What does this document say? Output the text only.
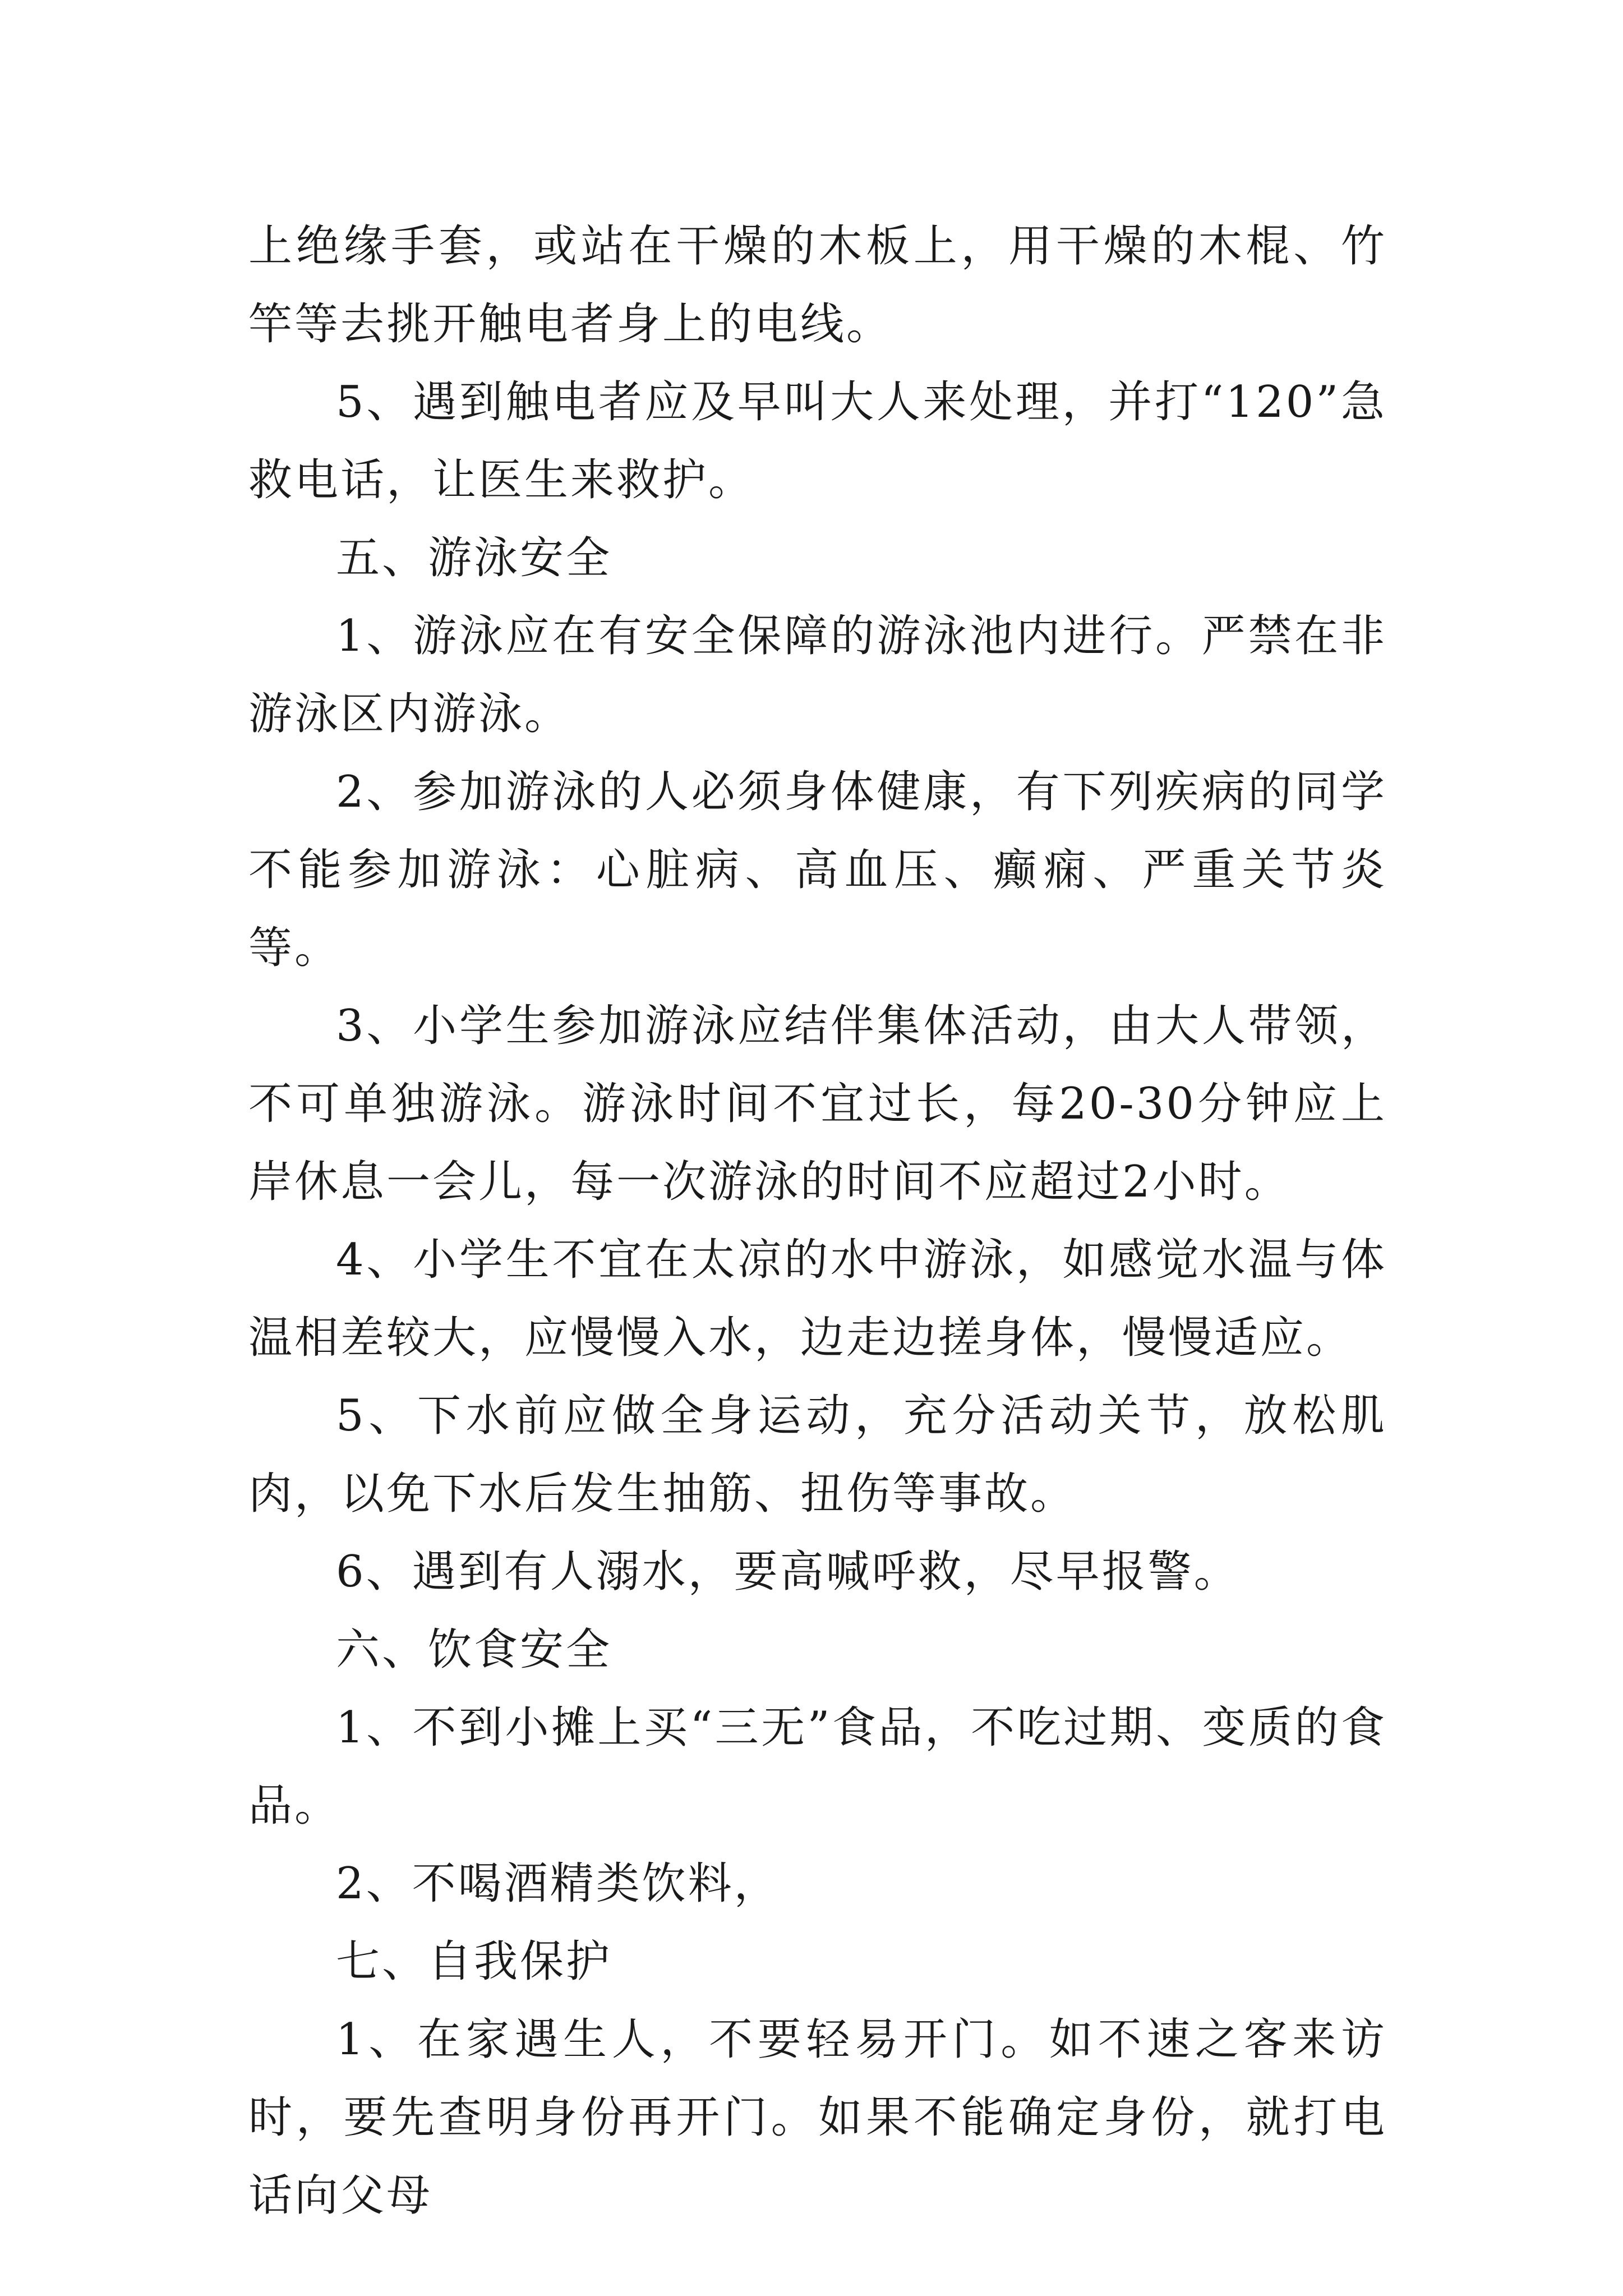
上绝缘手套，或站在干燥的木板上，用干燥的木棍、竹竿等去挑开触电者身上的电线。

5、遇到触电者应及早叫大人来处理，并打“120”急救电话，让医生来救护。

五、游泳安全

1、游泳应在有安全保障的游泳池内进行。严禁在非游泳区内游泳。

2、参加游泳的人必须身体健康，有下列疾病的同学不能参加游泳：心脏病、高血压、癫痫、严重关节炎等。

3、小学生参加游泳应结伴集体活动，由大人带领，不可单独游泳。游泳时间不宜过长，每20-30分钟应上岸休息一会儿，每一次游泳的时间不应超过2小时。

4、小学生不宜在太凉的水中游泳，如感觉水温与体温相差较大，应慢慢入水，边走边搓身体，慢慢适应。

5、下水前应做全身运动，充分活动关节，放松肌肉，以免下水后发生抽筋、扭伤等事故。

6、遇到有人溺水，要高喊呼救，尽早报警。

六、饮食安全

1、不到小摊上买“三无”食品，不吃过期、变质的食品。

2、不喝酒精类饮料，

七、自我保护

1、在家遇生人，不要轻易开门。如不速之客来访时，要先查明身份再开门。如果不能确定身份，就打电话向父母
